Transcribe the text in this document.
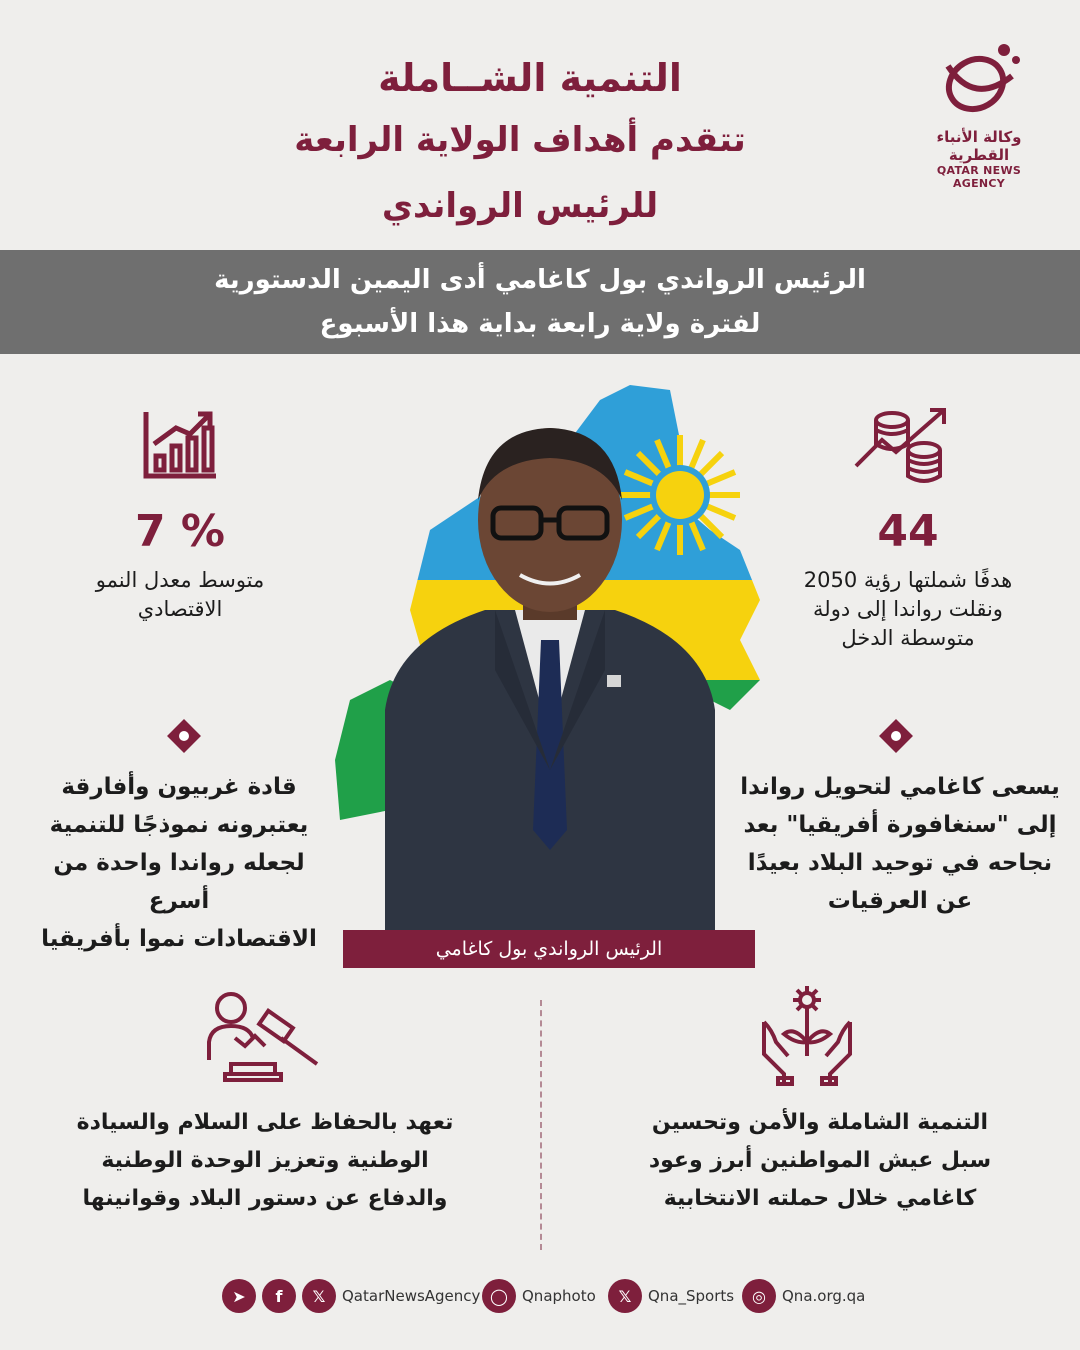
التنمية الشــاملة
تتقدم أهداف الولاية الرابعة
للرئيس الرواندي
وكالة الأنباء القطرية
QATAR NEWS AGENCY
الرئيس الرواندي بول كاغامي أدى اليمين الدستورية
لفترة ولاية رابعة بداية هذا الأسبوع
الرئيس الرواندي بول كاغامي
7 %
متوسط معدل النمو
الاقتصادي
44
هدفًا شملتها رؤية 2050
ونقلت رواندا إلى دولة
متوسطة الدخل
قادة غربيون وأفارقة
يعتبرونه نموذجًا للتنمية
لجعله رواندا واحدة من أسرع
الاقتصادات نموا بأفريقيا
يسعى كاغامي لتحويل رواندا
إلى "سنغافورة أفريقيا" بعد
نجاحه في توحيد البلاد بعيدًا
عن العرقيات
تعهد بالحفاظ على السلام والسيادة
الوطنية وتعزيز الوحدة الوطنية
والدفاع عن دستور البلاد وقوانينها
التنمية الشاملة والأمن وتحسين
سبل عيش المواطنين أبرز وعود
كاغامي خلال حملته الانتخابية
➤	f	𝕏	QatarNewsAgency ◯ Qnaphoto	𝕏	Qna_Sports	◎	Qna.org.qa
